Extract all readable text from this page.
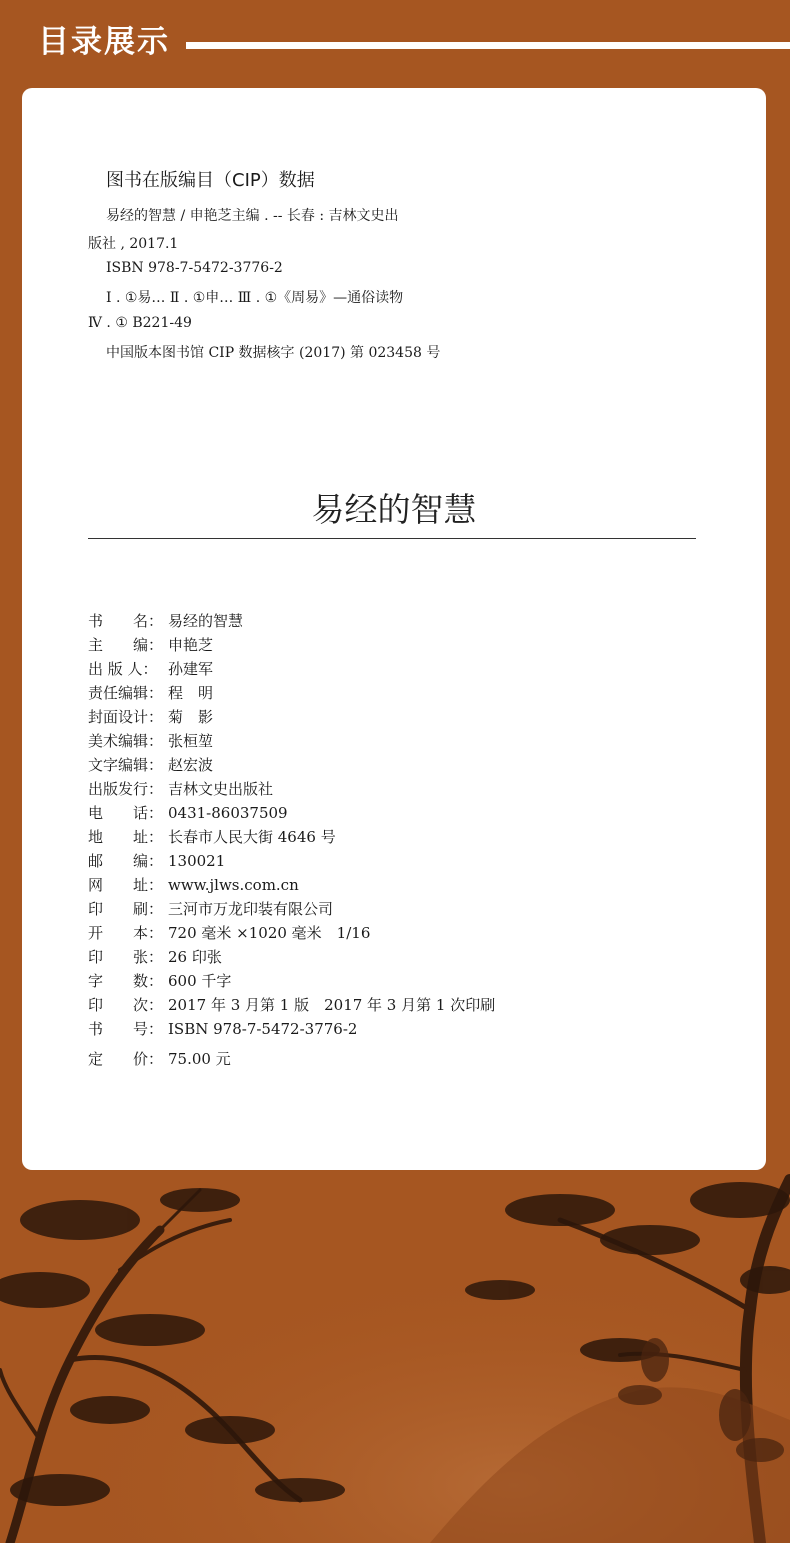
目录展示
图书在版编目（CIP）数据
易经的智慧 / 申艳芝主编 . -- 长春 : 吉林文史出
版社 , 2017.1
ISBN 978-7-5472-3776-2
Ⅰ . ①易… Ⅱ . ①申… Ⅲ . ①《周易》—通俗读物
Ⅳ . ① B221-49
中国版本图书馆 CIP 数据核字 (2017) 第 023458 号
易经的智慧
书　　名： 易经的智慧
主　　编： 申艳芝
出 版 人： 孙建军
责任编辑： 程　明
封面设计： 菊　影
美术编辑： 张桓堃
文字编辑： 赵宏波
出版发行： 吉林文史出版社
电　　话： 0431-86037509
地　　址： 长春市人民大街 4646 号
邮　　编： 130021
网　　址： www.jlws.com.cn
印　　刷： 三河市万龙印装有限公司
开　　本： 720 毫米 ×1020 毫米　1/16
印　　张： 26 印张
字　　数： 600 千字
印　　次： 2017 年 3 月第 1 版　2017 年 3 月第 1 次印刷
书　　号： ISBN 978-7-5472-3776-2
定　　价： 75.00 元
